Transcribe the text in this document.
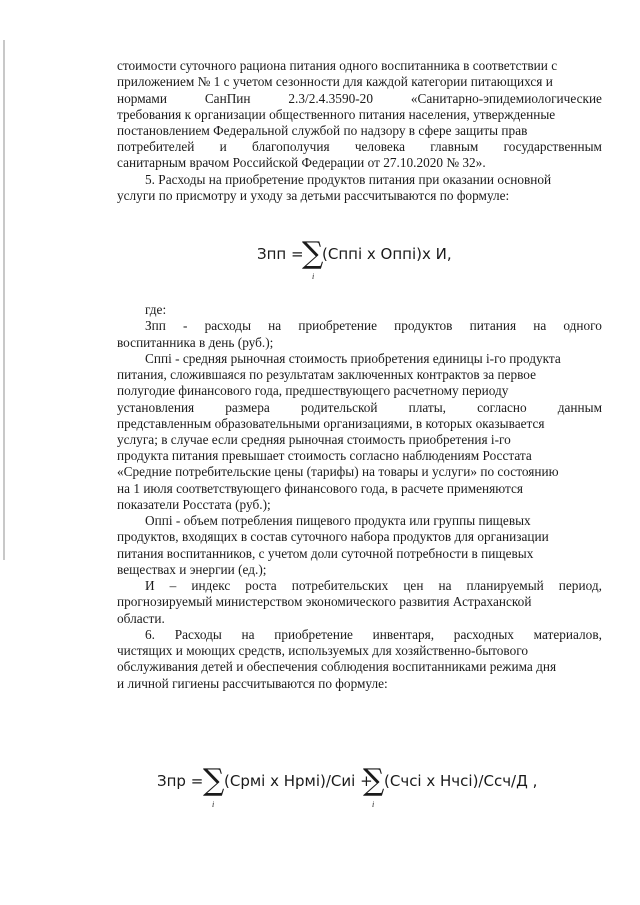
Зпп =
∑
i
(Сппi х Оппi)х И,
Зпр = ∑
i
(Срмi х Нрмi)/Сиi +
∑
i
(Счсi х Нчсi)/Сcч/Д ,
стоимости суточного рациона питания одного воспитанника в соответствии с
приложением № 1 с учетом сезонности для каждой категории питающихся и
нормами	СанПин	2.3/2.4.3590-20	«Санитарно-эпидемиологические
требования к организации общественного питания населения, утвержденные
постановлением Федеральной службой по надзору в сфере защиты прав
потребителей и благополучия человека главным государственным
санитарным врачом Российской Федерации от 27.10.2020 № 32».
5. Расходы на приобретение продуктов питания при оказании основной
услуги по присмотру и уходу за детьми рассчитываются по формуле:
где:
Зпп - расходы на приобретение продуктов питания на одного
воспитанника в день (руб.);
Сппi - средняя рыночная стоимость приобретения единицы i-го продукта
питания, сложившаяся по результатам заключенных контрактов за первое
полугодие финансового года, предшествующего расчетному периоду
установления размера родительской платы, согласно данным
представленным образовательными организациями, в которых оказывается
услуга; в случае если средняя рыночная стоимость приобретения i-го
продукта питания превышает стоимость согласно наблюдениям Росстата
«Средние потребительские цены (тарифы) на товары и услуги» по состоянию
на 1 июля соответствующего финансового года, в расчете применяются
показатели Росстата (руб.);
Оппi - объем потребления пищевого продукта или группы пищевых
продуктов, входящих в состав суточного набора продуктов для организации
питания воспитанников, с учетом доли суточной потребности в пищевых
веществах и энергии (ед.);
И – индекс роста потребительских цен на планируемый период,
прогнозируемый министерством экономического развития Астраханской
области.
6. Расходы на приобретение инвентаря, расходных материалов,
чистящих и моющих средств, используемых для хозяйственно-бытового
обслуживания детей и обеспечения соблюдения воспитанниками режима дня
и личной гигиены рассчитываются по формуле:
